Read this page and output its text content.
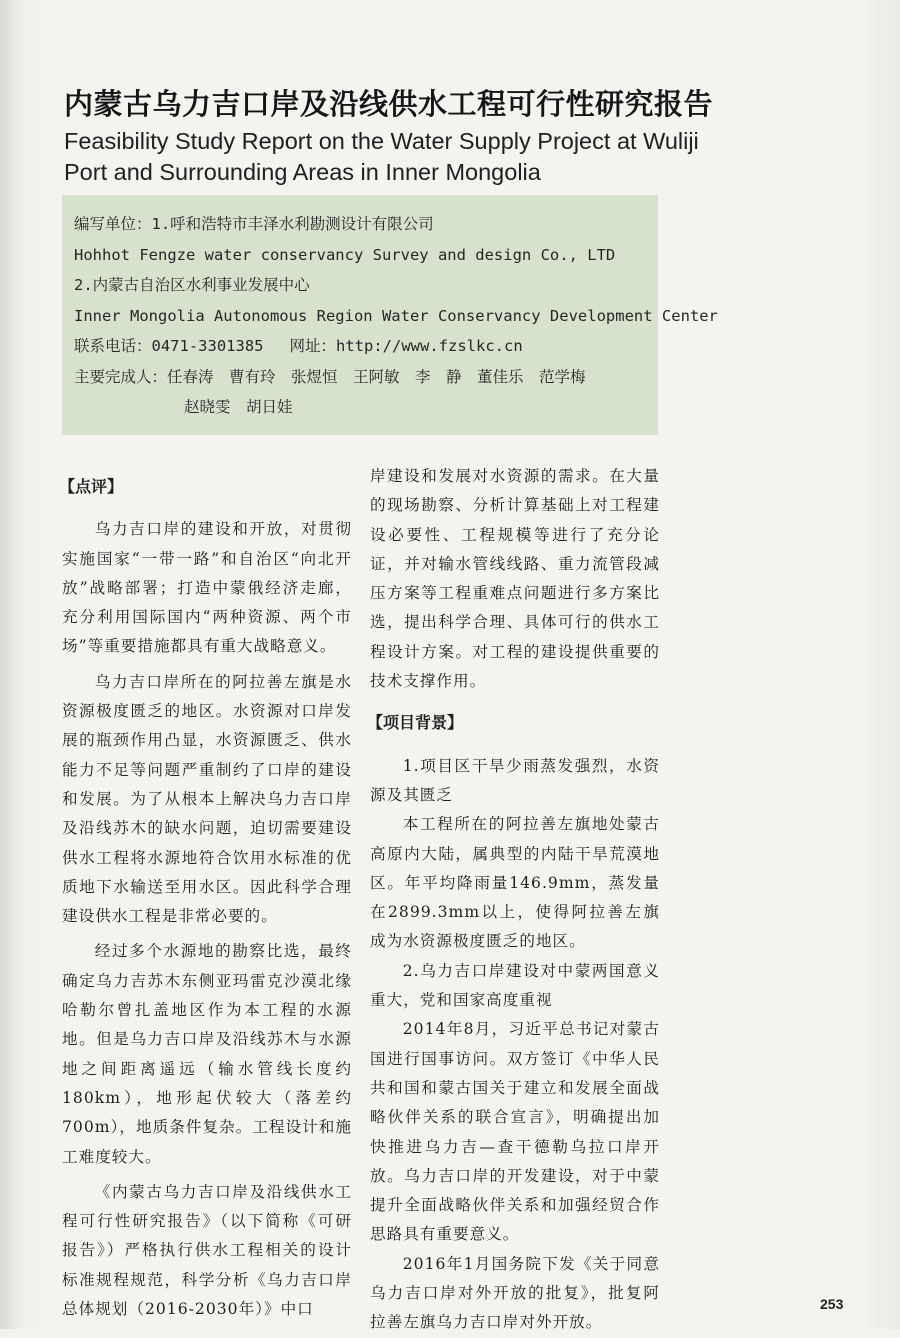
内蒙古乌力吉口岸及沿线供水工程可行性研究报告
Feasibility Study Report on the Water Supply Project at Wuliji
Port and Surrounding Areas in Inner Mongolia
编写单位：1.呼和浩特市丰泽水利勘测设计有限公司
Hohhot Fengze water conservancy Survey and design Co., LTD
2.内蒙古自治区水利事业发展中心
Inner Mongolia Autonomous Region Water Conservancy Development Center
联系电话：0471-3301385 网址：http://www.fzslkc.cn
主要完成人：任春涛　曹有玲　张煜恒　王阿敏　李　静　董佳乐　范学梅
赵晓雯　胡日娃
【点评】

乌力吉口岸的建设和开放，对贯彻实施国家“一带一路”和自治区“向北开放”战略部署；打造中蒙俄经济走廊，充分利用国际国内“两种资源、两个市场”等重要措施都具有重大战略意义。

乌力吉口岸所在的阿拉善左旗是水资源极度匮乏的地区。水资源对口岸发展的瓶颈作用凸显，水资源匮乏、供水能力不足等问题严重制约了口岸的建设和发展。为了从根本上解决乌力吉口岸及沿线苏木的缺水问题，迫切需要建设供水工程将水源地符合饮用水标准的优质地下水输送至用水区。因此科学合理建设供水工程是非常必要的。

经过多个水源地的勘察比选，最终确定乌力吉苏木东侧亚玛雷克沙漠北缘哈勒尔曾扎盖地区作为本工程的水源地。但是乌力吉口岸及沿线苏木与水源地之间距离遥远（输水管线长度约180km），地形起伏较大（落差约700m），地质条件复杂。工程设计和施工难度较大。

《内蒙古乌力吉口岸及沿线供水工程可行性研究报告》（以下简称《可研报告》）严格执行供水工程相关的设计标准规程规范，科学分析《乌力吉口岸总体规划（2016-2030年）》中口

岸建设和发展对水资源的需求。在大量的现场勘察、分析计算基础上对工程建设必要性、工程规模等进行了充分论证，并对输水管线线路、重力流管段减压方案等工程重难点问题进行多方案比选，提出科学合理、具体可行的供水工程设计方案。对工程的建设提供重要的技术支撑作用。

【项目背景】

1.项目区干旱少雨蒸发强烈，水资源及其匮乏

本工程所在的阿拉善左旗地处蒙古高原内大陆，属典型的内陆干旱荒漠地区。年平均降雨量146.9mm，蒸发量在2899.3mm以上，使得阿拉善左旗成为水资源极度匮乏的地区。

2.乌力吉口岸建设对中蒙两国意义重大，党和国家高度重视

2014年8月，习近平总书记对蒙古国进行国事访问。双方签订《中华人民共和国和蒙古国关于建立和发展全面战略伙伴关系的联合宣言》，明确提出加快推进乌力吉—查干德勒乌拉口岸开放。乌力吉口岸的开发建设，对于中蒙提升全面战略伙伴关系和加强经贸合作思路具有重要意义。

2016年1月国务院下发《关于同意乌力吉口岸对外开放的批复》，批复阿拉善左旗乌力吉口岸对外开放。

253
